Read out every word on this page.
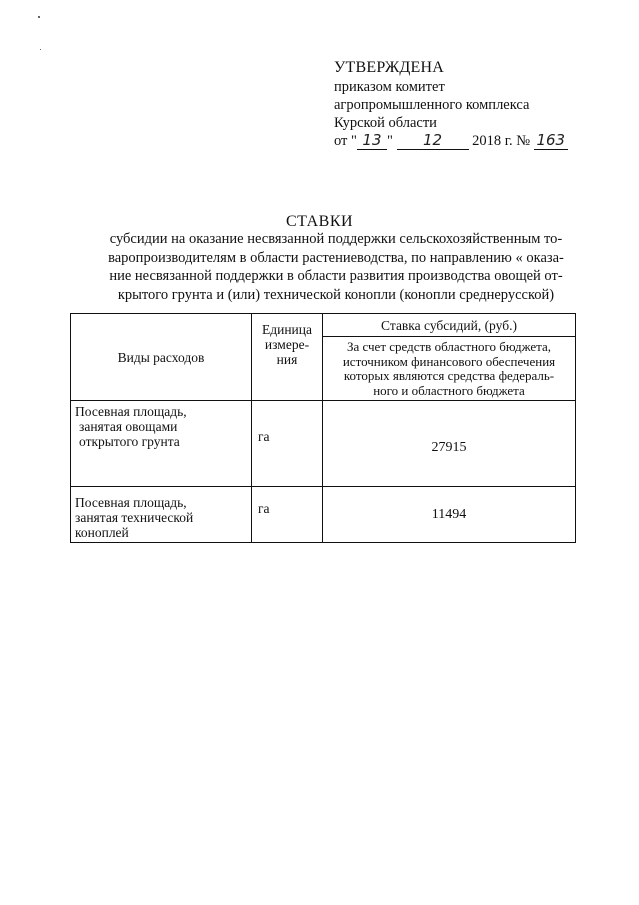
УТВЕРЖДЕНА
приказом комитет
агропромышленного комплекса
Курской области
от " 13 " 12 2018 г. № 163
СТАВКИ
субсидии на оказание несвязанной поддержки сельскохозяйственным то-
варопроизводителям в области растениеводства, по направлению « оказа-
ние несвязанной поддержки в области развития производства овощей от-
крытого грунта и (или) технической конопли (конопли среднерусской)
Виды расходов	Единица
измере-
ния	Ставка субсидий, (руб.)

		За счет средств областного бюджета,
источником финансового обеспечения
которых являются средства федераль-
ного и областного бюджета

Посевная площадь,
занятая овощами
открытого грунта	га	27915

Посевная площадь,
занятая технической
коноплей	га	11494
